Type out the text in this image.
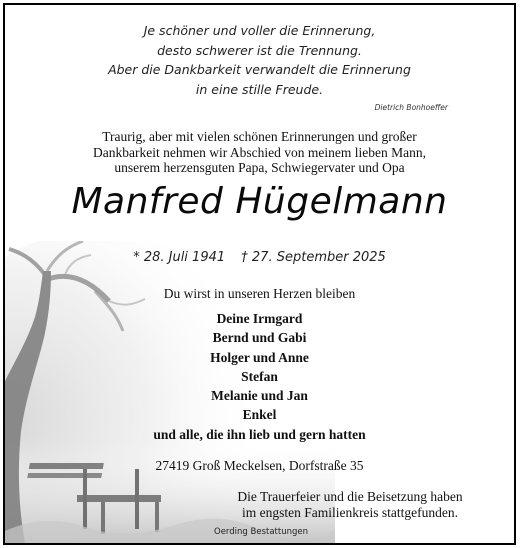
Je schöner und voller die Erinnerung,
desto schwerer ist die Trennung.
Aber die Dankbarkeit verwandelt die Erinnerung
in eine stille Freude.
Dietrich Bonhoeffer
Traurig, aber mit vielen schönen Erinnerungen und großer
Dankbarkeit nehmen wir Abschied von meinem lieben Mann,
unserem herzensguten Papa, Schwiegervater und Opa
Manfred Hügelmann
* 28. Juli 1941 † 27. September 2025
Du wirst in unseren Herzen bleiben
Deine Irmgard
Bernd und Gabi
Holger und Anne
Stefan
Melanie und Jan
Enkel
und alle, die ihn lieb und gern hatten
27419 Groß Meckelsen, Dorfstraße 35
Die Trauerfeier und die Beisetzung haben
im engsten Familienkreis stattgefunden.
Oerding Bestattungen
